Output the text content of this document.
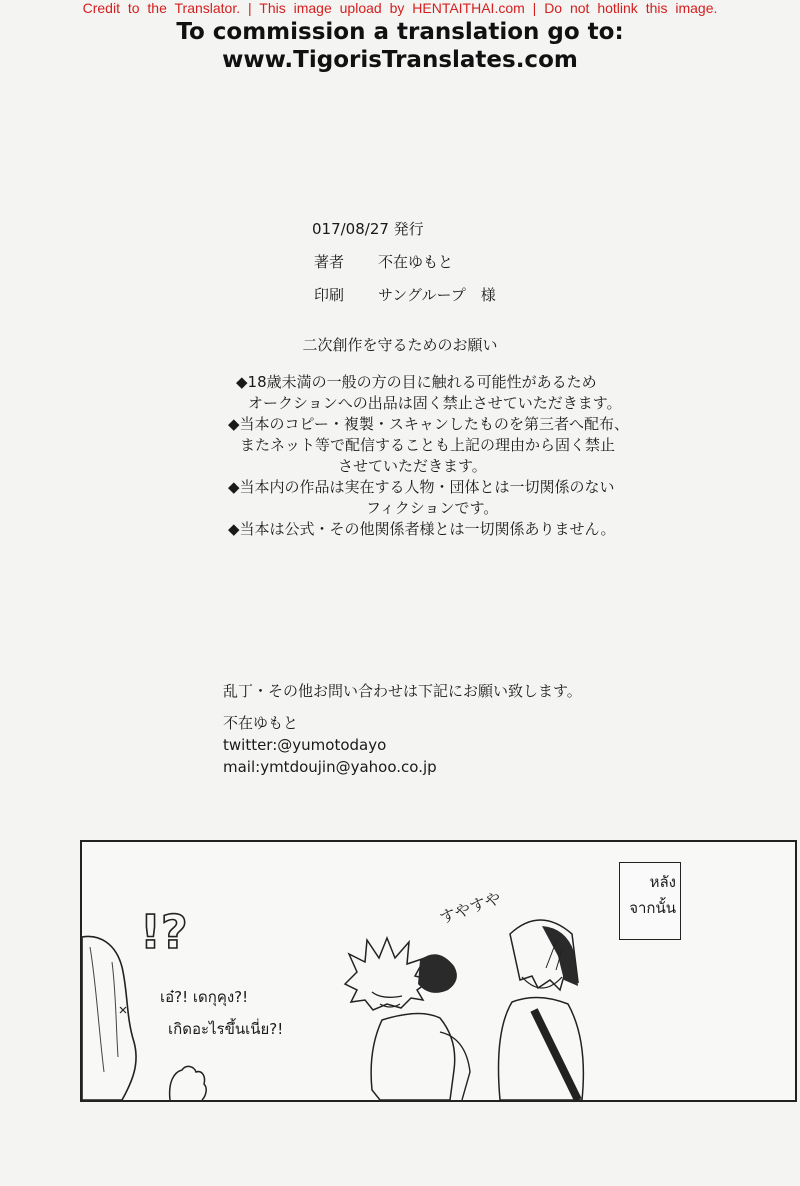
Credit to the Translator. | This image upload by HENTAITHAI.com | Do not hotlink this image.
To commission a translation go to:
www.TigorisTranslates.com
017/08/27 発行
著者 不在ゆもと
印刷 サングループ　様
二次創作を守るためのお願い
◆18歳未満の一般の方の目に触れる可能性があるため
オークションへの出品は固く禁止させていただきます。
◆当本のコピー・複製・スキャンしたものを第三者へ配布、
またネット等で配信することも上記の理由から固く禁止
させていただきます。
◆当本内の作品は実在する人物・団体とは一切関係のない
フィクションです。
◆当本は公式・その他関係者様とは一切関係ありません。
乱丁・その他お問い合わせは下記にお願い致します。
不在ゆもと
twitter:@yumotodayo
mail:ymtdoujin@yahoo.co.jp
!?	すやすや
เอ๋?! เดกุคุง?!
เกิดอะไรขึ้นเนี่ย?!
หลัง
จากนั้น
